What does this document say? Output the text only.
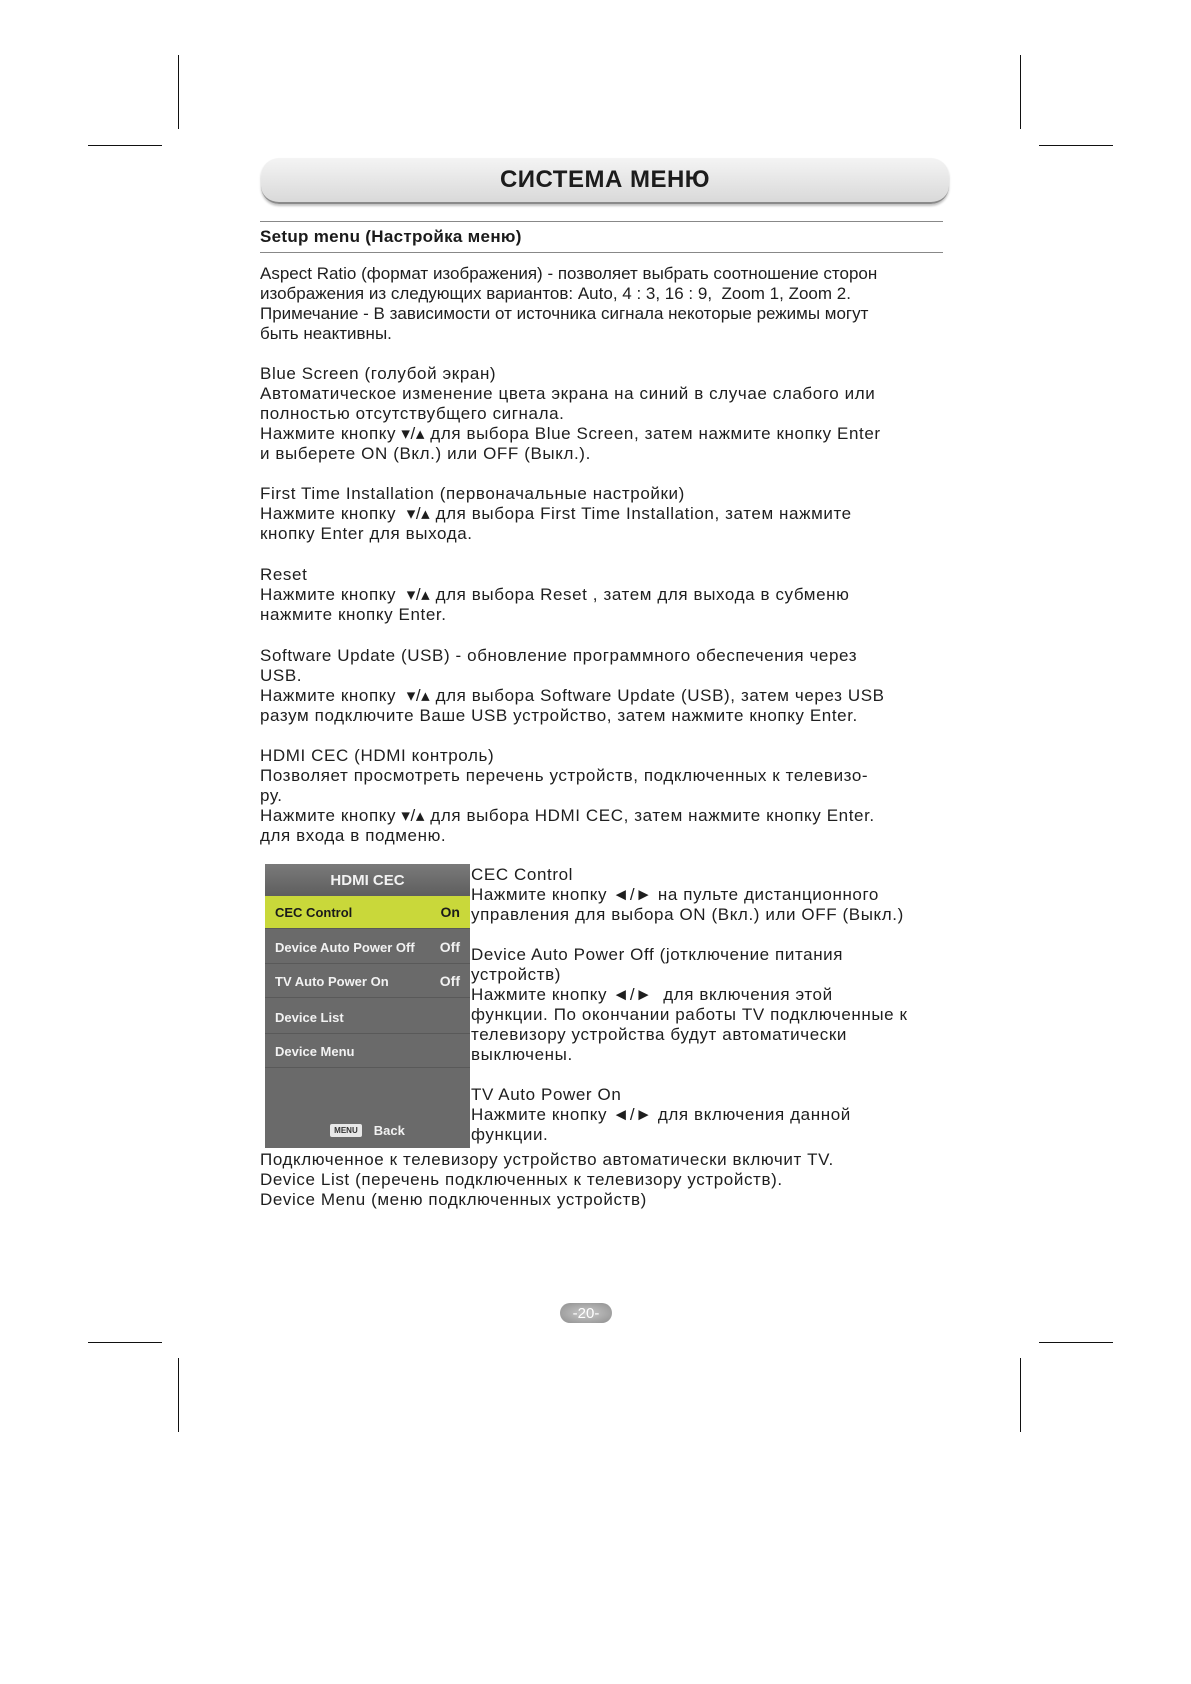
СИСТЕМА МЕНЮ
Setup menu (Настройка меню)
Aspect Ratio (формат изображения) - позволяет выбрать соотношение сторон
изображения из следующих вариантов: Auto, 4 : 3, 16 : 9,  Zoom 1, Zoom 2.
Примечание - В зависимости от источника сигнала некоторые режимы могут
быть неактивны.
Blue Screen (голубой экран)
Автоматическое изменение цвета экрана на синий в случае слабого или
полностью отсутствубщего сигнала.
Нажмите кнопку ▾/▴ для выбора Blue Screen, затем нажмите кнопку Enter
и выберете ON (Вкл.) или OFF (Выкл.).
First Time Installation (первоначальные настройки)
Нажмите кнопку  ▾/▴ для выбора First Time Installation, затем нажмите
кнопку Enter для выхода.
Reset
Нажмите кнопку  ▾/▴ для выбора Reset , затем для выхода в субменю
нажмите кнопку Enter.
Software Update (USB) - обновление программного обеспечения через
USB.
Нажмите кнопку  ▾/▴ для выбора Software Update (USB), затем через USB
разум подключите Ваше USB устройство, затем нажмите кнопку Enter.
HDMI CEC (HDMI контроль)
Позволяет просмотреть перечень устройств, подключенных к телевизо-
ру.
Нажмите кнопку ▾/▴ для выбора HDMI CEC, затем нажмите кнопку Enter.
для входа в подменю.
HDMI CEC
CEC Control	On
Device Auto Power Off Off
TV Auto Power On	Off
Device List
Device Menu
MENU	Back
CEC Control
Нажмите кнопку ◄/► на пульте дистанционного
управления для выбора ON (Вкл.) или OFF (Выкл.)
Device Auto Power Off (jотключение питания
устройств)
Нажмите кнопку ◄/►  для включения этой
функции. По окончании работы TV подключенные к
телевизору устройства будут автоматически
выключены.
TV Auto Power On
Нажмите кнопку ◄/► для включения данной
функции.
Подключенное к телевизору устройство автоматически включит TV.
Device List (перечень подключенных к телевизору устройств).
Device Menu (меню подключенных устройств)
-20-
